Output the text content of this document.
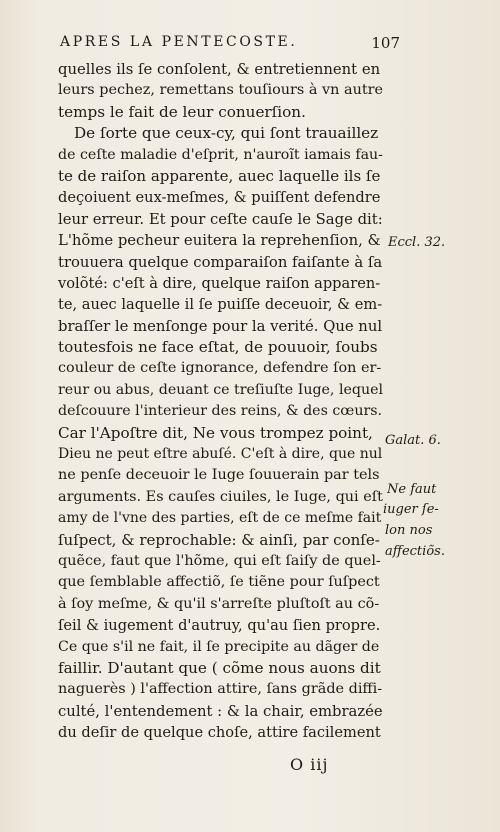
APRES LA PENTECOSTE.	107
quelles ils ſe conſolent, & entretiennent en
leurs pechez, remettans touſiours à vn autre
temps le fait de leur conuerſion.
De ſorte que ceux-cy, qui ſont trauaillez
de ceſte maladie d'eſprit, n'auroĩt iamais fau-
te de raiſon apparente, auec laquelle ils ſe
deçoiuent eux-meſmes, & puiſſent defendre
leur erreur. Et pour ceſte cauſe le Sage dit:
L'hõme pecheur euitera la reprehenſion, &
trouuera quelque comparaiſon faiſante à ſa
volõté: c'eſt à dire, quelque raiſon apparen-
te, auec laquelle il ſe puiſſe deceuoir, & em-
braſſer le menſonge pour la verité. Que nul
toutesfois ne face eſtat, de pouuoir, ſoubs
couleur de ceſte ignorance, defendre ſon er-
reur ou abus, deuant ce treſiuſte Iuge, lequel
deſcouure l'interieur des reins, & des cœurs.
Car l'Apoſtre dit, Ne vous trompez point,
Dieu ne peut eſtre abuſé. C'eſt à dire, que nul
ne penſe deceuoir le Iuge ſouuerain par tels
arguments. Es cauſes ciuiles, le Iuge, qui eſt
amy de l'vne des parties, eſt de ce meſme fait
ſuſpect, & reprochable: & ainſi, par conſe-
quẽce, faut que l'hõme, qui eſt ſaiſy de quel-
que ſemblable affectiõ, ſe tiẽne pour ſuſpect
à ſoy meſme, & qu'il s'arreſte pluſtoſt au cõ-
ſeil & iugement d'autruy, qu'au ſien propre.
Ce que s'il ne fait, il ſe precipite au dãger de
faillir. D'autant que ( cõme nous auons dit
naguerès ) l'affection attire, ſans grãde diffi-
culté, l'entendement : & la chair, embrazée
du deſir de quelque choſe, attire facilement
Eccl. 32.
Galat. 6.
Ne faut
iuger ſe-
lon nos
affectiõs.
O iij
